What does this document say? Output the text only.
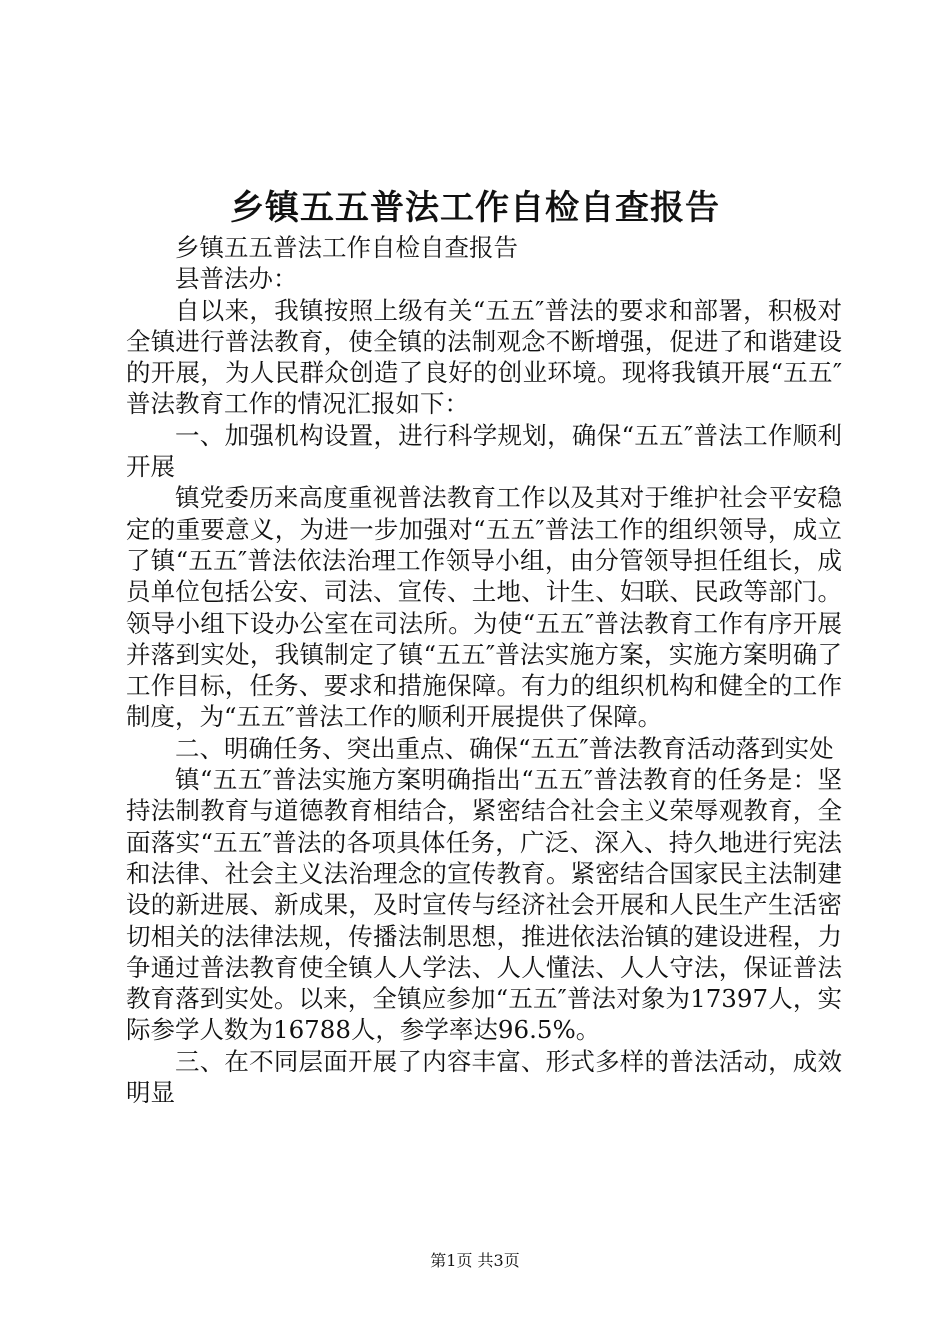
乡镇五五普法工作自检自查报告

乡镇五五普法工作自检自查报告

县普法办：

自以来，我镇按照上级有关“五五″普法的要求和部署，积极对全镇进行普法教育，使全镇的法制观念不断增强，促进了和谐建设的开展，为人民群众创造了良好的创业环境。现将我镇开展“五五″普法教育工作的情况汇报如下：

一、加强机构设置，进行科学规划，确保“五五″普法工作顺利开展

镇党委历来高度重视普法教育工作以及其对于维护社会平安稳定的重要意义，为进一步加强对“五五″普法工作的组织领导，成立了镇“五五″普法依法治理工作领导小组，由分管领导担任组长，成员单位包括公安、司法、宣传、土地、计生、妇联、民政等部门。领导小组下设办公室在司法所。为使“五五″普法教育工作有序开展并落到实处，我镇制定了镇“五五″普法实施方案，实施方案明确了工作目标，任务、要求和措施保障。有力的组织机构和健全的工作制度，为“五五″普法工作的顺利开展提供了保障。

二、明确任务、突出重点、确保“五五″普法教育活动落到实处

镇“五五″普法实施方案明确指出“五五″普法教育的任务是：坚持法制教育与道德教育相结合，紧密结合社会主义荣辱观教育，全面落实“五五″普法的各项具体任务，广泛、深入、持久地进行宪法和法律、社会主义法治理念的宣传教育。紧密结合国家民主法制建设的新进展、新成果，及时宣传与经济社会开展和人民生产生活密切相关的法律法规，传播法制思想，推进依法治镇的建设进程，力争通过普法教育使全镇人人学法、人人懂法、人人守法，保证普法教育落到实处。以来，全镇应参加“五五″普法对象为17397人，实际参学人数为16788人，参学率达96.5%。

三、在不同层面开展了内容丰富、形式多样的普法活动，成效明显

第1页 共3页
